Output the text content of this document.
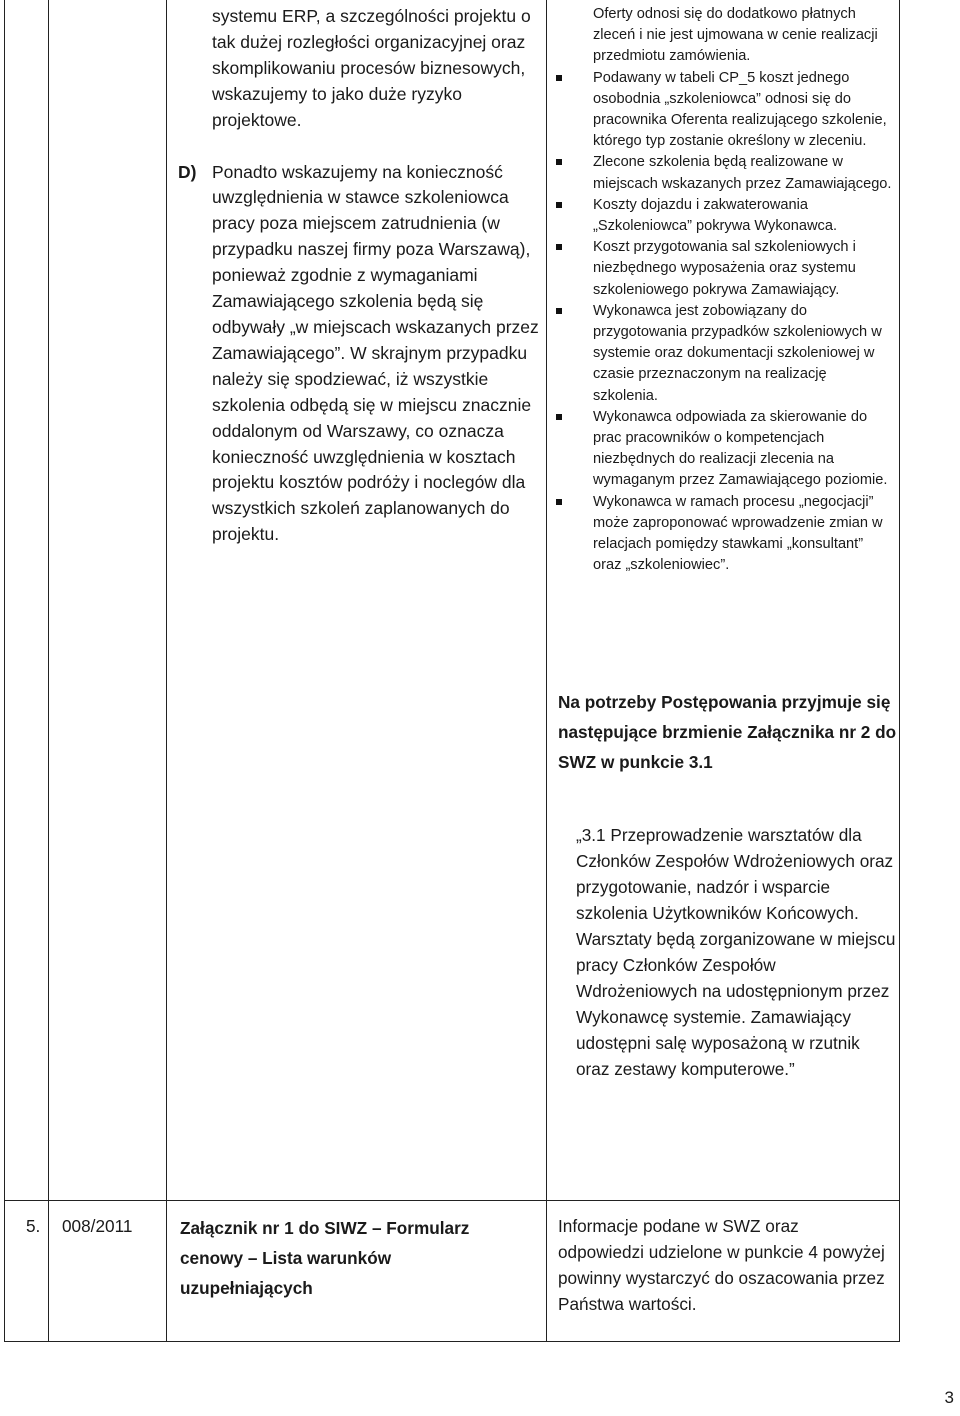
systemu ERP, a szczególności projektu o tak dużej rozległości organizacyjnej oraz skomplikowaniu procesów biznesowych, wskazujemy to jako duże ryzyko projektowe.

D) Ponadto wskazujemy na konieczność uwzględnienia w stawce szkoleniowca pracy poza miejscem zatrudnienia (w przypadku naszej firmy poza Warszawą), ponieważ zgodnie z wymaganiami Zamawiającego szkolenia będą się odbywały „w miejscach wskazanych przez Zamawiającego”. W skrajnym przypadku należy się spodziewać, iż wszystkie szkolenia odbędą się w miejscu znacznie oddalonym od Warszawy, co oznacza konieczność uwzględnienia w kosztach projektu kosztów podróży i noclegów dla wszystkich szkoleń zaplanowanych do projektu.

Oferty odnosi się do dodatkowo płatnych zleceń i nie jest ujmowana w cenie realizacji przedmiotu zamówienia.

Podawany w tabeli CP_5 koszt jednego osobodnia „szkoleniowca” odnosi się do pracownika Oferenta realizującego szkolenie, którego typ zostanie określony w zleceniu.
Zlecone szkolenia będą realizowane w miejscach wskazanych przez Zamawiającego.
Koszty dojazdu i zakwaterowania „Szkoleniowca” pokrywa Wykonawca.
Koszt przygotowania sal szkoleniowych i niezbędnego wyposażenia oraz systemu szkoleniowego pokrywa Zamawiający.
Wykonawca jest zobowiązany do przygotowania przypadków szkoleniowych w systemie oraz dokumentacji szkoleniowej w czasie przeznaczonym na realizację szkolenia.
Wykonawca odpowiada za skierowanie do prac pracowników o kompetencjach niezbędnych do realizacji zlecenia na wymaganym przez Zamawiającego poziomie.
Wykonawca w ramach procesu „negocjacji” może zaproponować wprowadzenie zmian w relacjach pomiędzy stawkami „konsultant” oraz „szkoleniowiec”.
Na potrzeby Postępowania przyjmuje się następujące brzmienie Załącznika nr 2 do SWZ w punkcie 3.1

„3.1 Przeprowadzenie warsztatów dla Członków Zespołów Wdrożeniowych oraz przygotowanie, nadzór i wsparcie szkolenia Użytkowników Końcowych.

Warsztaty będą zorganizowane w miejscu pracy Członków Zespołów Wdrożeniowych na udostępnionym przez Wykonawcę systemie. Zamawiający udostępni salę wyposażoną w rzutnik oraz zestawy komputerowe.”

5. 008/2011	Załącznik nr 1 do SIWZ – Formularz cenowy – Lista warunków uzupełniających
Informacje podane w SWZ oraz odpowiedzi udzielone w punkcie 4 powyżej powinny wystarczyć do oszacowania przez Państwa wartości.
3
